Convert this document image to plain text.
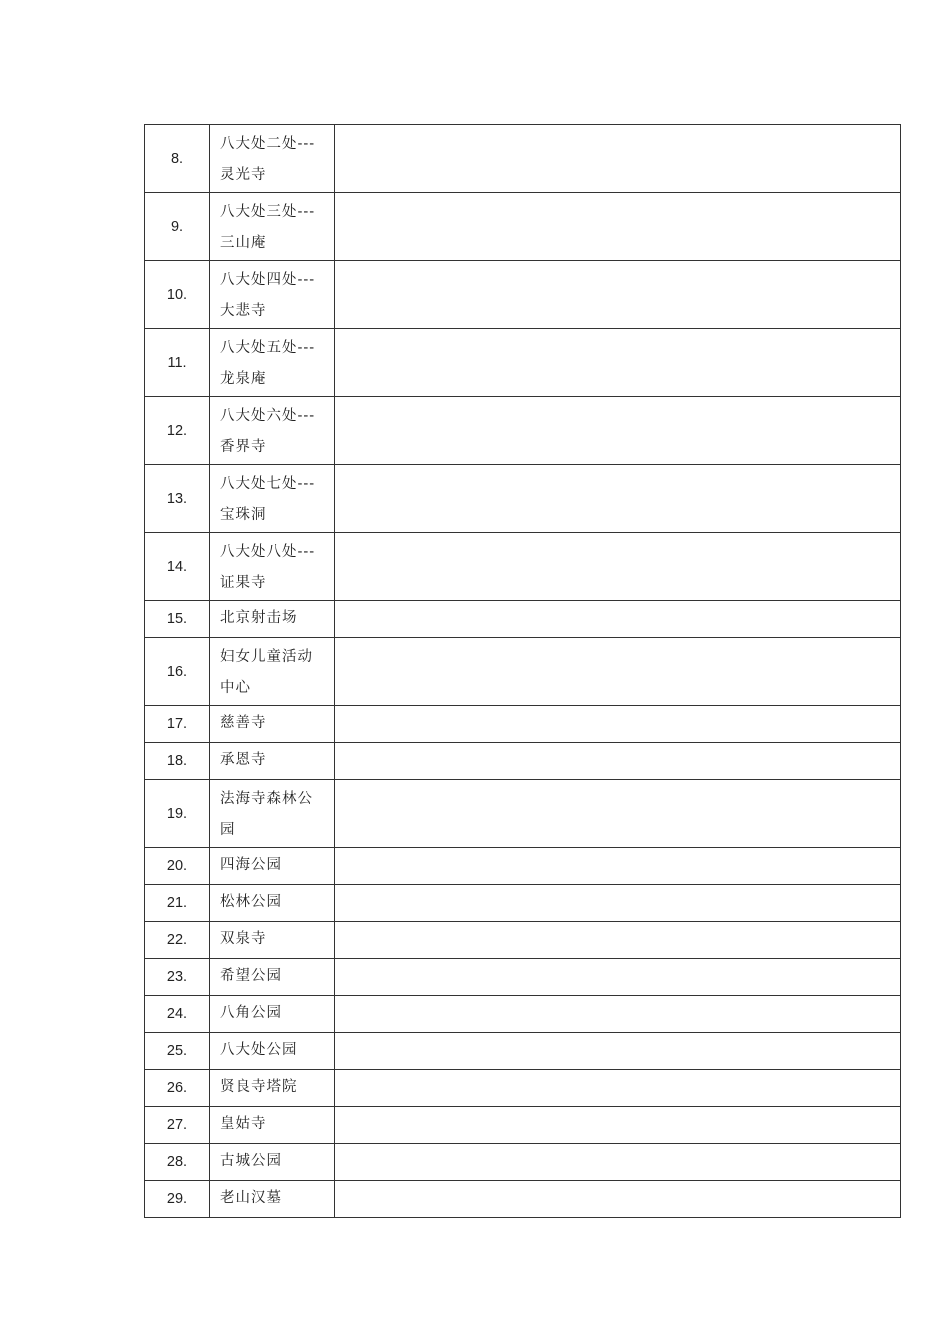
8.	八大处二处---
灵光寺	

9.	八大处三处---
三山庵	

10.	八大处四处---
大悲寺	

11.	八大处五处---
龙泉庵	

12.	八大处六处---
香界寺	

13.	八大处七处---
宝珠洞	

14.	八大处八处---
证果寺	

15.	北京射击场	

16.	妇女儿童活动
中心	

17.	慈善寺	

18.	承恩寺	

19.	法海寺森林公
园	

20.	四海公园	

21.	松林公园	

22.	双泉寺	

23.	希望公园	

24.	八角公园	

25.	八大处公园	

26.	贤良寺塔院	

27.	皇姑寺	

28.	古城公园	

29.	老山汉墓	
